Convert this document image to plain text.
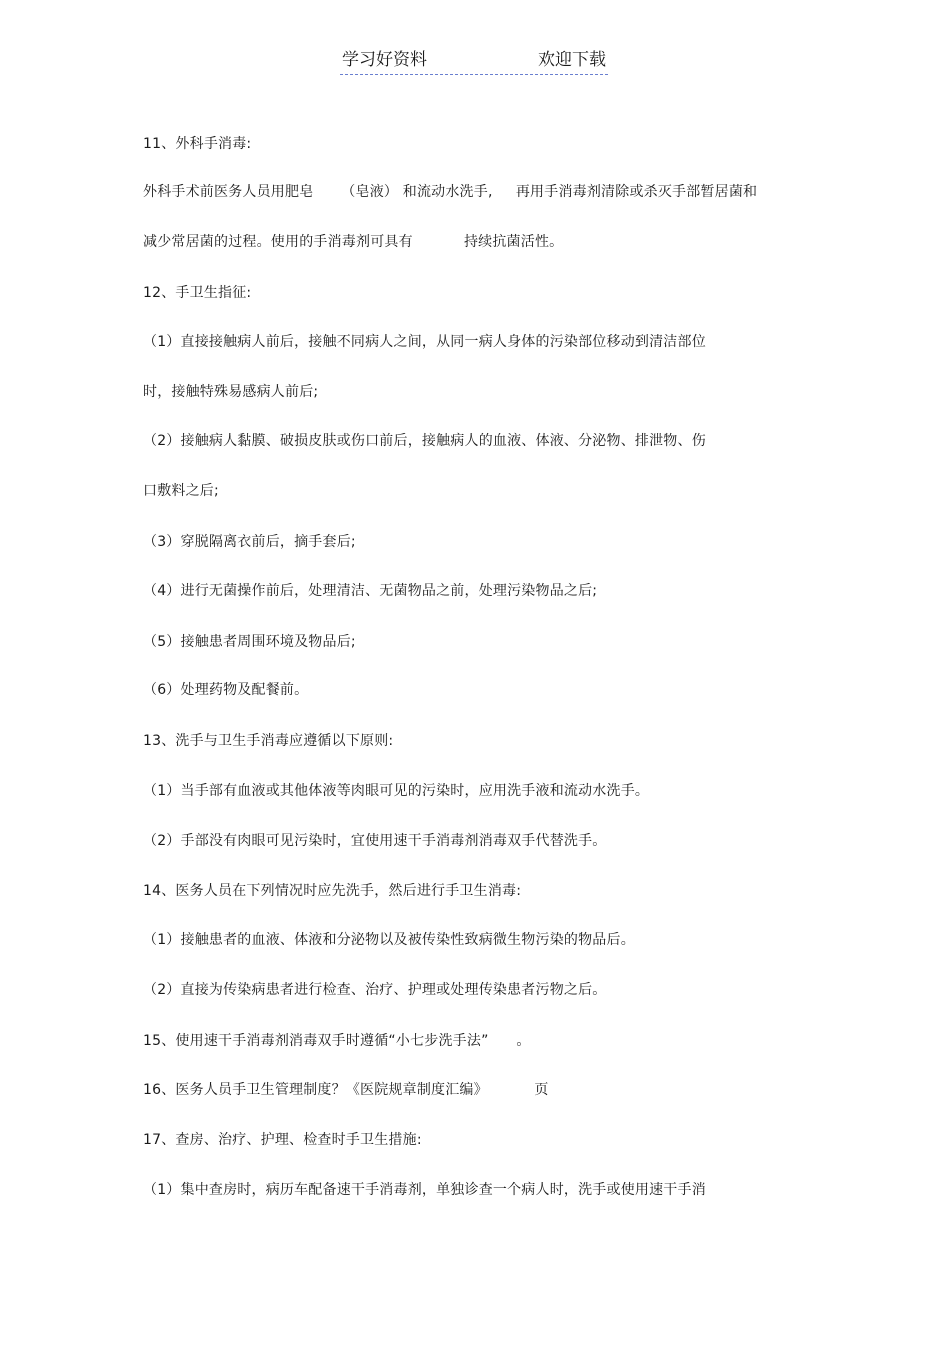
学习好资料	欢迎下载
11、外科手消毒:
外科手术前医务人员用肥皂      （皂液） 和流动水洗手,     再用手消毒剂清除或杀灭手部暂居菌和
减少常居菌的过程。使用的手消毒剂可具有           持续抗菌活性。
12、手卫生指征:
（1）直接接触病人前后，接触不同病人之间，从同一病人身体的污染部位移动到清洁部位
时，接触特殊易感病人前后;
（2）接触病人黏膜、破损皮肤或伤口前后，接触病人的血液、体液、分泌物、排泄物、伤
口敷料之后;
（3）穿脱隔离衣前后，摘手套后;
（4）进行无菌操作前后，处理清洁、无菌物品之前，处理污染物品之后;
（5）接触患者周围环境及物品后;
（6）处理药物及配餐前。
13、洗手与卫生手消毒应遵循以下原则:
（1）当手部有血液或其他体液等肉眼可见的污染时，应用洗手液和流动水洗手。
（2）手部没有肉眼可见污染时，宜使用速干手消毒剂消毒双手代替洗手。
14、医务人员在下列情况时应先洗手，然后进行手卫生消毒:
（1）接触患者的血液、体液和分泌物以及被传染性致病微生物污染的物品后。
（2）直接为传染病患者进行检查、治疗、护理或处理传染患者污物之后。
15、使用速干手消毒剂消毒双手时遵循“小七步洗手法”      。
16、医务人员手卫生管理制度？《医院规章制度汇编》          页
17、查房、治疗、护理、检查时手卫生措施:
（1）集中查房时，病历车配备速干手消毒剂，单独诊查一个病人时，洗手或使用速干手消
